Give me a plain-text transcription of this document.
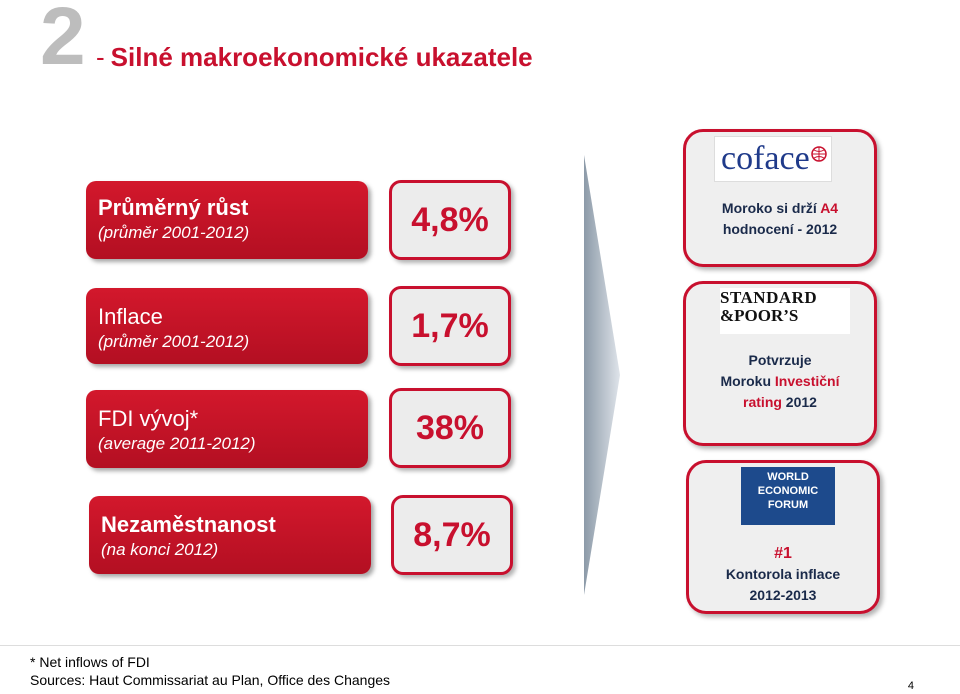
2 - Silné makroekonomické ukazatele
Průměrný růst
(průměr 2001-2012)	4,8%
Inflace
(průměr 2001-2012)	1,7%
FDI vývoj*
(average 2011-2012)	38%
Nezaměstnanost
(na konci 2012)	8,7%
Moroko si drží A4
hodnocení - 2012
coface
Potvrzuje
Moroku Investiční
rating 2012
STANDARD
&POOR’S
#1
Kontorola inflace
2012-2013
WORLD
ECONOMIC
FORUM
* Net inflows of FDI
Sources: Haut Commissariat au Plan, Office des Changes	4
